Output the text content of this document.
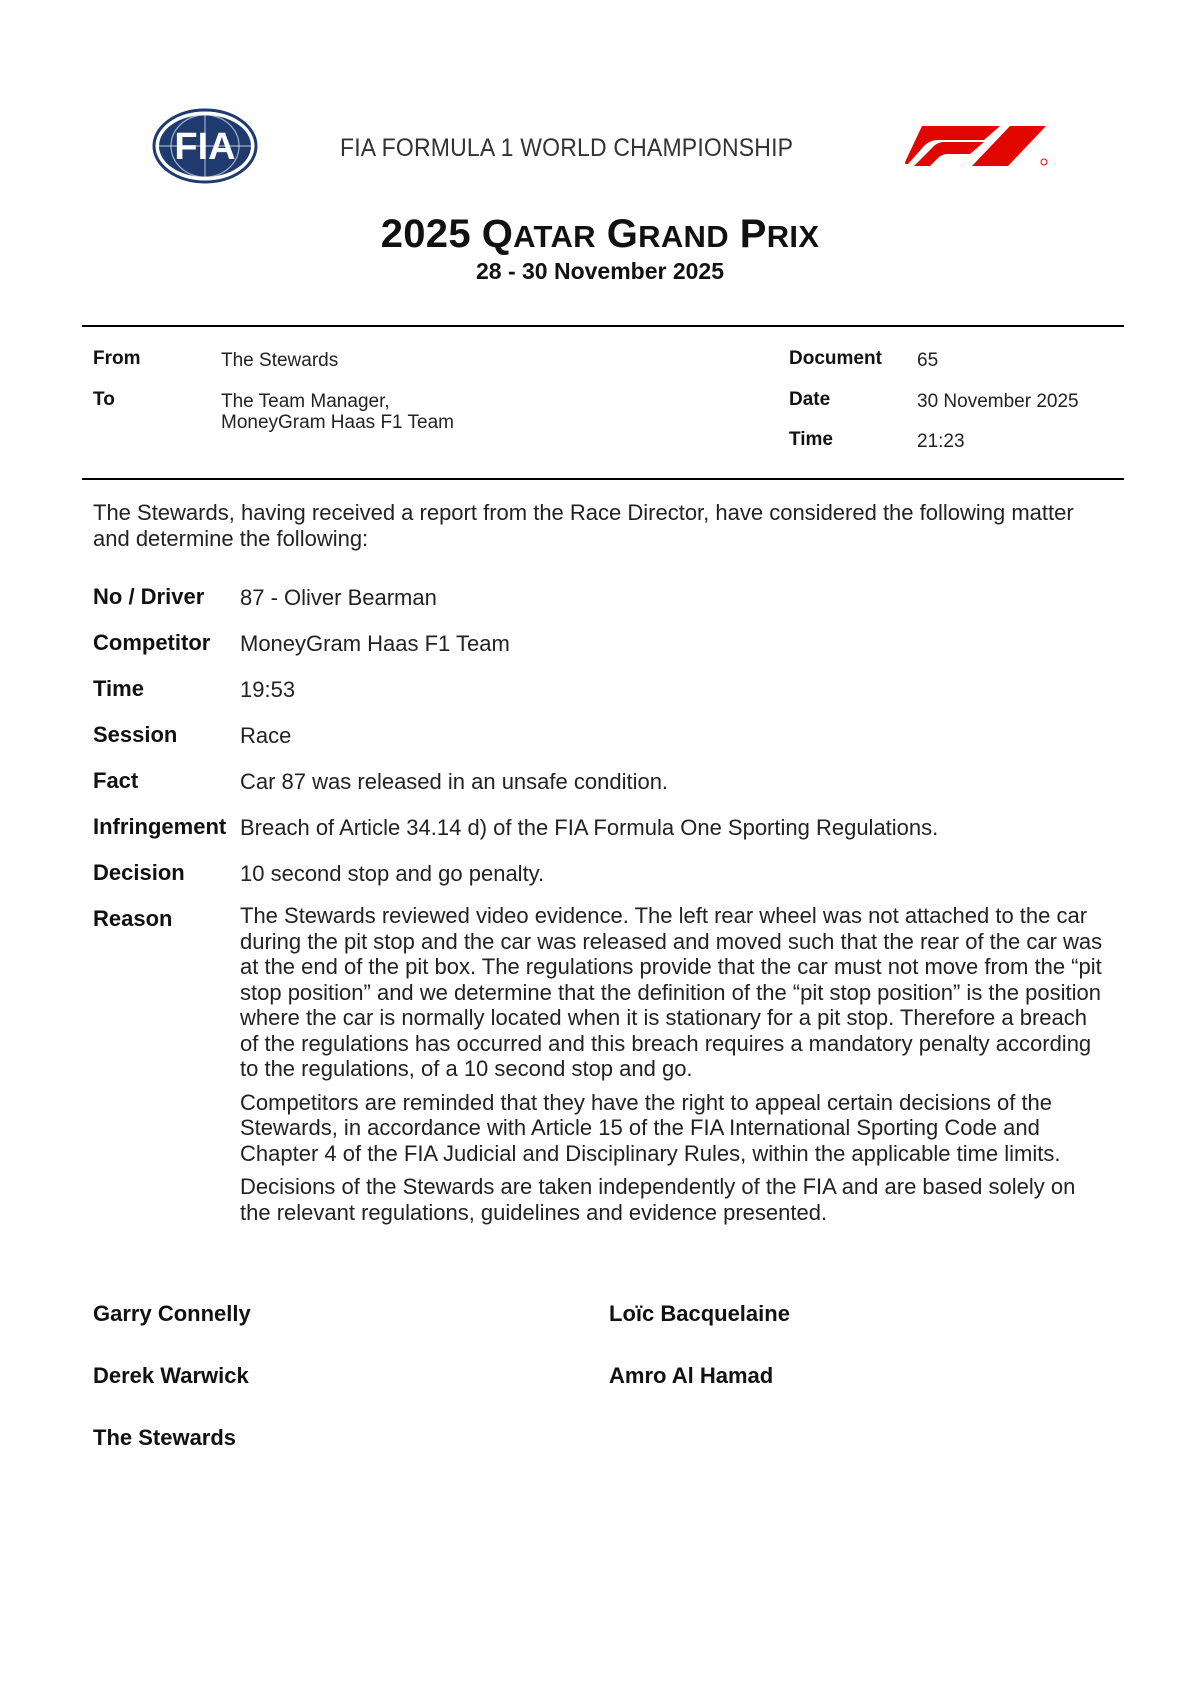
FIA	FIA FORMULA 1 WORLD CHAMPIONSHIP
2025 QATAR GRAND PRIX
28 - 30 November 2025
From	The Stewards
To	The Team Manager,
MoneyGram Haas F1 Team
Document 65
Date	30 November 2025
Time	21:23
The Stewards, having received a report from the Race Director, have considered the following matter and determine the following:
No / Driver 87 - Oliver Bearman
Competitor MoneyGram Haas F1 Team
Time	19:53
Session	Race
Fact	Car 87 was released in an unsafe condition.
Infringement Breach of Article 34.14 d) of the FIA Formula One Sporting Regulations.
Decision	10 second stop and go penalty.
Reason	The Stewards reviewed video evidence. The left rear wheel was not attached to the car during the pit stop and the car was released and moved such that the rear of the car was at the end of the pit box. The regulations provide that the car must not move from the “pit stop position” and we determine that the definition of the “pit stop position” is the position where the car is normally located when it is stationary for a pit stop. Therefore a breach of the regulations has occurred and this breach requires a mandatory penalty according to the regulations, of a 10 second stop and go.

Competitors are reminded that they have the right to appeal certain decisions of the Stewards, in accordance with Article 15 of the FIA International Sporting Code and Chapter 4 of the FIA Judicial and Disciplinary Rules, within the applicable time limits.

Decisions of the Stewards are taken independently of the FIA and are based solely on the relevant regulations, guidelines and evidence presented.

Garry Connelly	Loïc Bacquelaine
Derek Warwick	Amro Al Hamad
The Stewards
